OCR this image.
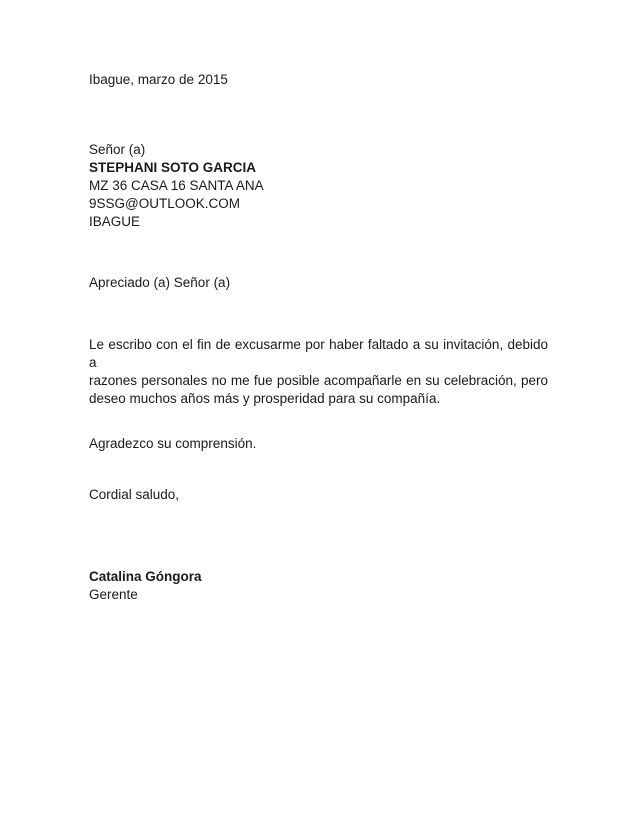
Ibague, marzo de 2015
Señor (a)
STEPHANI SOTO GARCIA
MZ 36 CASA 16 SANTA ANA
9SSG@OUTLOOK.COM
IBAGUE
Apreciado (a) Señor (a)
Le escribo con el fin de excusarme por haber faltado a su invitación, debido a
razones personales no me fue posible acompañarle en su celebración, pero
deseo muchos años más y prosperidad para su compañía.
Agradezco su comprensión.
Cordial saludo,
Catalina Góngora
Gerente
